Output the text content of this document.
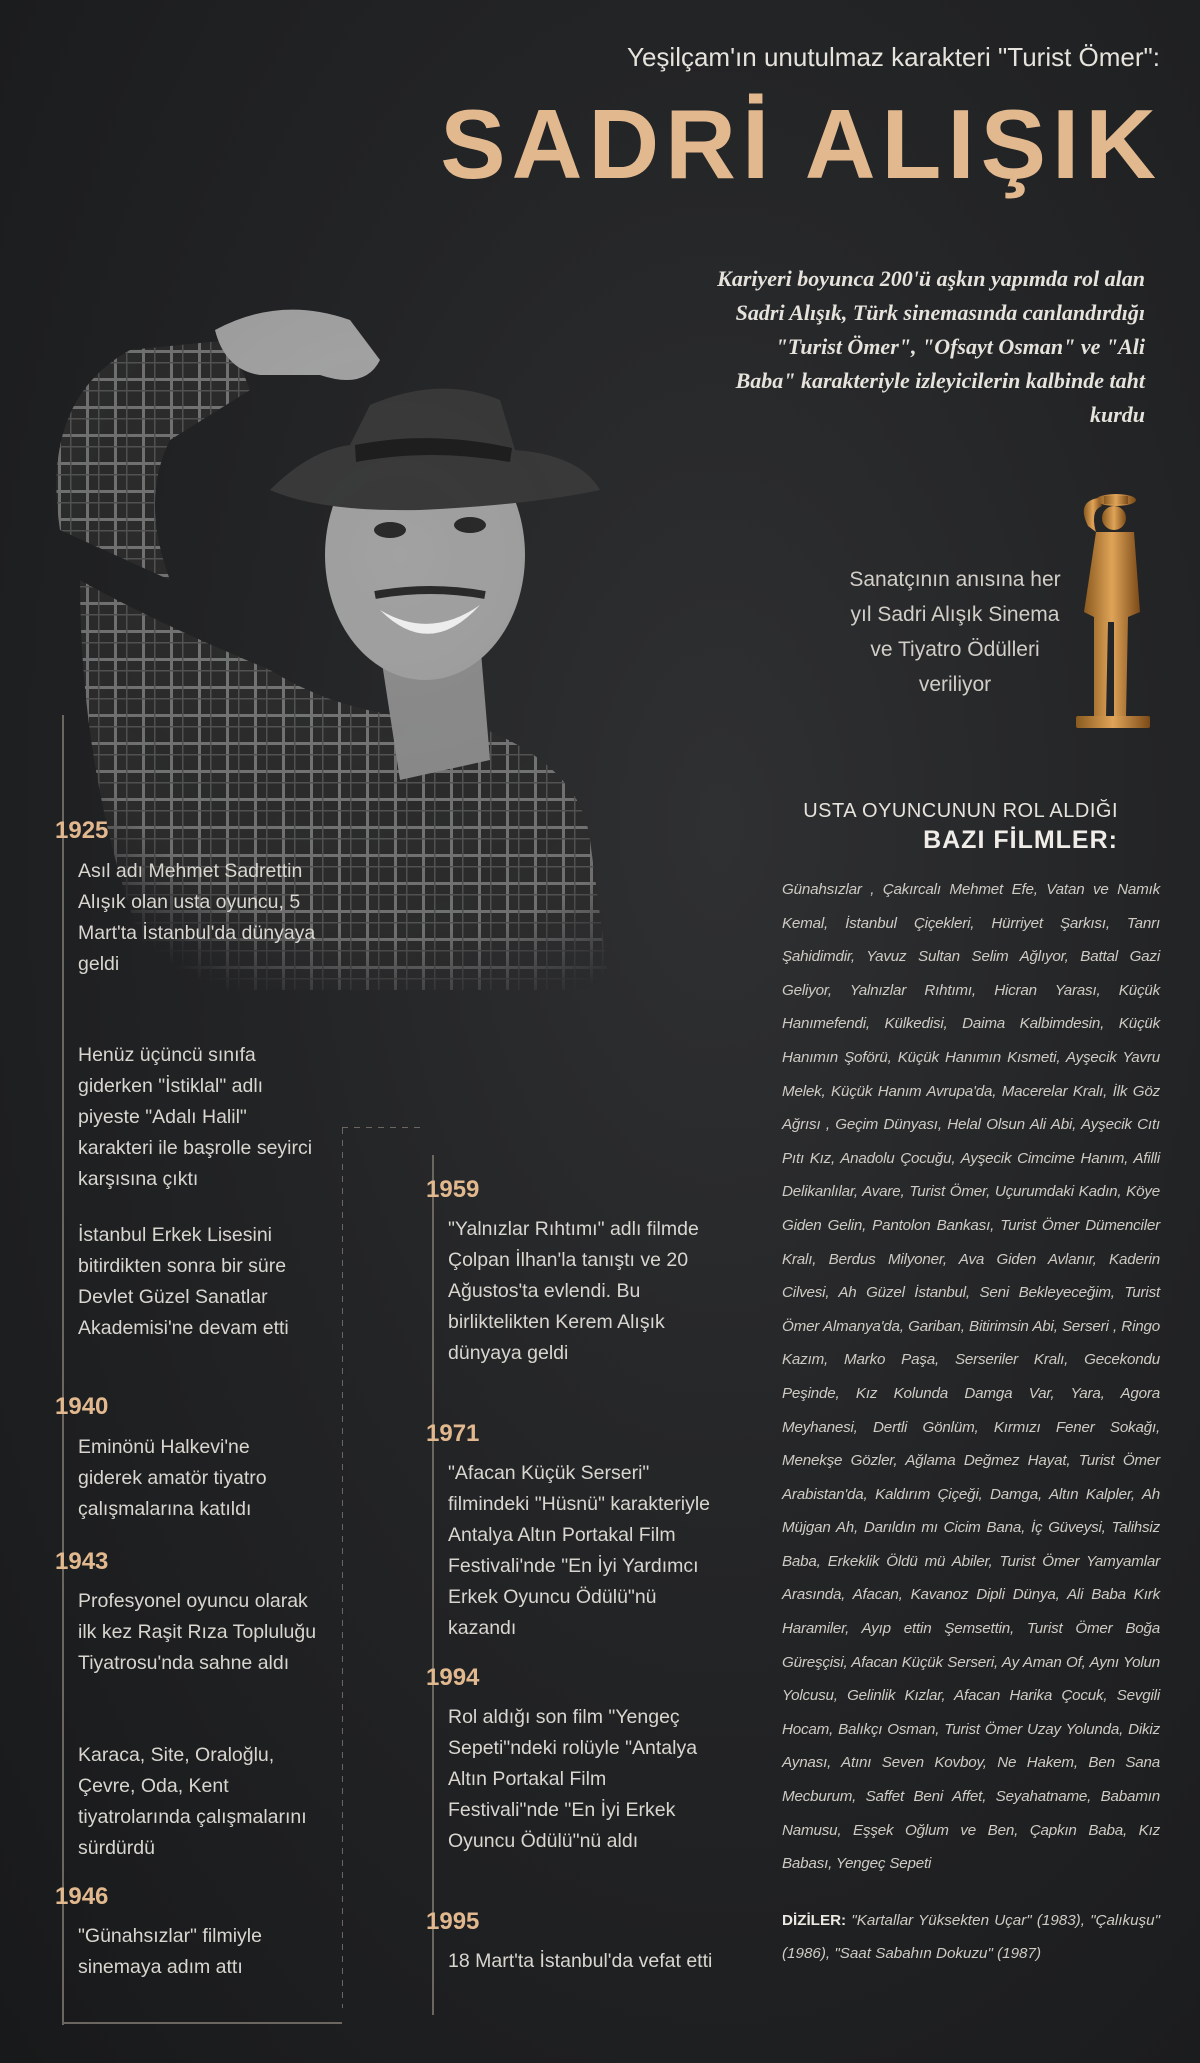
Yeşilçam'ın unutulmaz karakteri "Turist Ömer":
SADRİ ALIŞIK
Kariyeri boyunca 200'ü aşkın yapımda rol alan Sadri Alışık, Türk sinemasında canlandırdığı "Turist Ömer", "Ofsayt Osman" ve "Ali Baba" karakteriyle izleyicilerin kalbinde taht kurdu
Sanatçının anısına her yıl Sadri Alışık Sinema ve Tiyatro Ödülleri veriliyor
1925
Asıl adı Mehmet Sadrettin Alışık olan usta oyuncu, 5 Mart'ta İstanbul'da dünyaya geldi
Henüz üçüncü sınıfa giderken "İstiklal" adlı piyeste "Adalı Halil" karakteri ile başrolle seyirci karşısına çıktı
İstanbul Erkek Lisesini bitirdikten sonra bir süre Devlet Güzel Sanatlar Akademisi'ne devam etti
1940
Eminönü Halkevi'ne giderek amatör tiyatro çalışmalarına katıldı
1943
Profesyonel oyuncu olarak ilk kez Raşit Rıza Topluluğu Tiyatrosu'nda sahne aldı
Karaca, Site, Oraloğlu, Çevre, Oda, Kent tiyatrolarında çalışmalarını sürdürdü
1946
"Günahsızlar" filmiyle sinemaya adım attı
1959
"Yalnızlar Rıhtımı" adlı filmde Çolpan İlhan'la tanıştı ve 20 Ağustos'ta evlendi. Bu birliktelikten Kerem Alışık dünyaya geldi
1971
"Afacan Küçük Serseri" filmindeki "Hüsnü" karakteriyle Antalya Altın Portakal Film Festivali'nde "En İyi Yardımcı Erkek Oyuncu Ödülü"nü kazandı
1994
Rol aldığı son film "Yengeç Sepeti"ndeki rolüyle "Antalya Altın Portakal Film Festivali"nde "En İyi Erkek Oyuncu Ödülü"nü aldı
1995
18 Mart'ta İstanbul'da vefat etti
USTA OYUNCUNUN ROL ALDIĞI
BAZI FİLMLER:
Günahsızlar , Çakırcalı Mehmet Efe, Vatan ve Namık Kemal, İstanbul Çiçekleri, Hürriyet Şarkısı, Tanrı Şahidimdir, Yavuz Sultan Selim Ağlıyor, Battal Gazi Geliyor, Yalnızlar Rıhtımı, Hicran Yarası, Küçük Hanımefendi, Külkedisi, Daima Kalbimdesin, Küçük Hanımın Şoförü, Küçük Hanımın Kısmeti, Ayşecik Yavru Melek, Küçük Hanım Avrupa'da, Macerelar Kralı, İlk Göz Ağrısı , Geçim Dünyası, Helal Olsun Ali Abi, Ayşecik Cıtı Pıtı Kız, Anadolu Çocuğu, Ayşecik Cimcime Hanım, Afilli Delikanlılar, Avare, Turist Ömer, Uçurumdaki Kadın, Köye Giden Gelin, Pantolon Bankası, Turist Ömer Dümenciler Kralı, Berdus Milyoner, Ava Giden Avlanır, Kaderin Cilvesi, Ah Güzel İstanbul, Seni Bekleyeceğim, Turist Ömer Almanya'da, Gariban, Bitirimsin Abi, Serseri , Ringo Kazım, Marko Paşa, Serseriler Kralı, Gecekondu Peşinde, Kız Kolunda Damga Var, Yara, Agora Meyhanesi, Dertli Gönlüm, Kırmızı Fener Sokağı, Menekşe Gözler, Ağlama Değmez Hayat, Turist Ömer Arabistan'da, Kaldırım Çiçeği, Damga, Altın Kalpler, Ah Müjgan Ah, Darıldın mı Cicim Bana, İç Güveysi, Talihsiz Baba, Erkeklik Öldü mü Abiler, Turist Ömer Yamyamlar Arasında, Afacan, Kavanoz Dipli Dünya, Ali Baba Kırk Haramiler, Ayıp ettin Şemsettin, Turist Ömer Boğa Güreşçisi, Afacan Küçük Serseri, Ay Aman Of, Aynı Yolun Yolcusu, Gelinlik Kızlar, Afacan Harika Çocuk, Sevgili Hocam, Balıkçı Osman, Turist Ömer Uzay Yolunda, Dikiz Aynası, Atını Seven Kovboy, Ne Hakem, Ben Sana Mecburum, Saffet Beni Affet, Seyahatname, Babamın Namusu, Eşşek Oğlum ve Ben, Çapkın Baba, Kız Babası, Yengeç Sepeti
DİZİLER: "Kartallar Yüksekten Uçar" (1983), "Çalıkuşu" (1986), "Saat Sabahın Dokuzu" (1987)
